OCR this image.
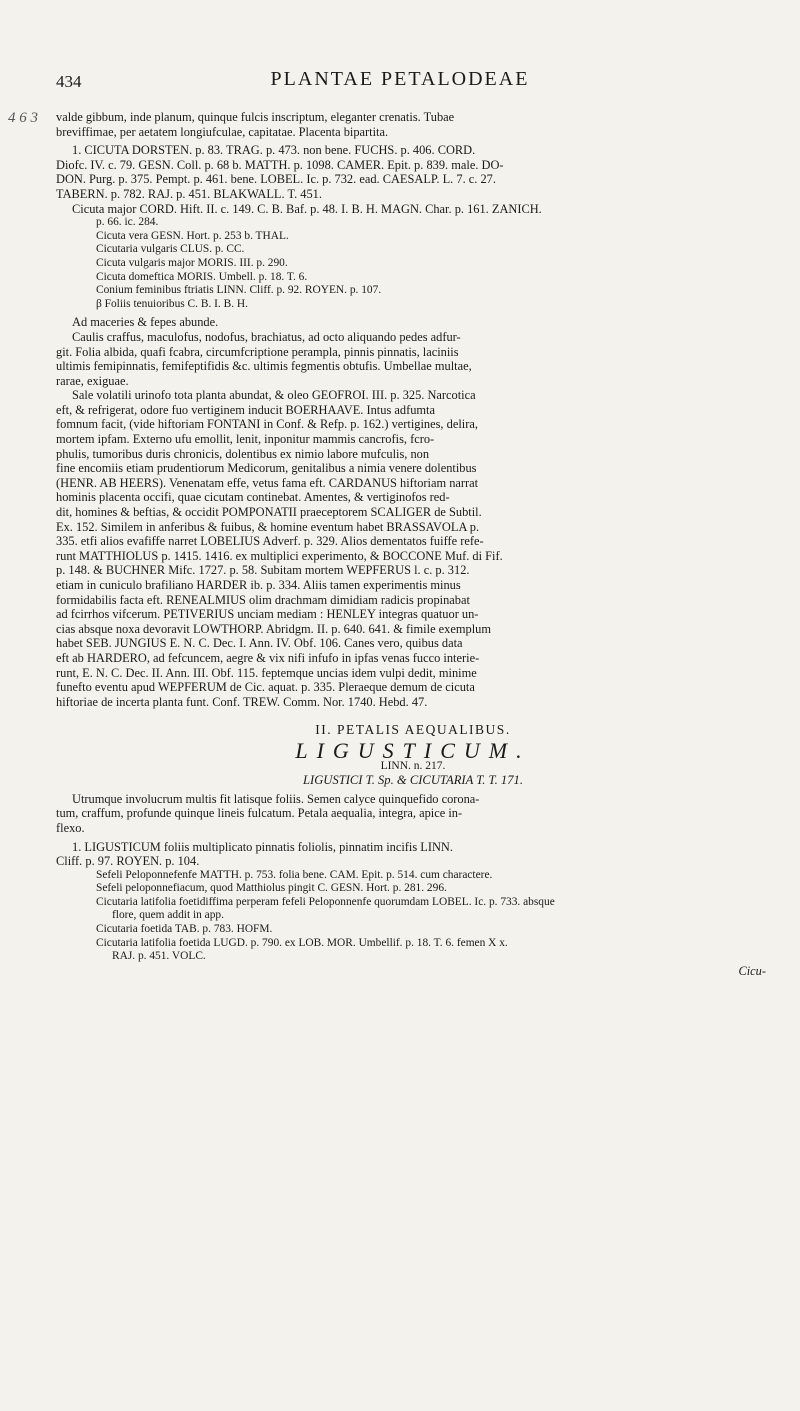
434	PLANTAE PETALODEAE
4 6 3 valde gibbum, inde planum, quinque fulcis inscriptum, eleganter crenatis. Tubae

breviffimae, per aetatem longiufculae, capitatae. Placenta bipartita.

1. CICUTA DORSTEN. p. 83. TRAG. p. 473. non bene. FUCHS. p. 406. CORD.

Diofc. IV. c. 79. GESN. Coll. p. 68 b. MATTH. p. 1098. CAMER. Epit. p. 839. male. DO-

DON. Purg. p. 375. Pempt. p. 461. bene. LOBEL. Ic. p. 732. ead. CAESALP. L. 7. c. 27.

TABERN. p. 782. RAJ. p. 451. BLAKWALL. T. 451.

Cicuta major CORD. Hift. II. c. 149. C. B. Baf. p. 48. I. B. H. MAGN. Char. p. 161. ZANICH.

p. 66. ic. 284.

Cicuta vera GESN. Hort. p. 253 b. THAL.

Cicutaria vulgaris CLUS. p. CC.

Cicuta vulgaris major MORIS. III. p. 290.

Cicuta domeftica MORIS. Umbell. p. 18. T. 6.

Conium feminibus ftriatis LINN. Cliff. p. 92. ROYEN. p. 107.

β Foliis tenuioribus C. B. I. B. H.

Ad maceries & fepes abunde.

Caulis craffus, maculofus, nodofus, brachiatus, ad octo aliquando pedes adfur-

git. Folia albida, quafi fcabra, circumfcriptione perampla, pinnis pinnatis, laciniis

ultimis femipinnatis, femifeptifidis &c. ultimis fegmentis obtufis. Umbellae multae,

rarae, exiguae.

Sale volatili urinofo tota planta abundat, & oleo GEOFROI. III. p. 325. Narcotica

eft, & refrigerat, odore fuo vertiginem inducit BOERHAAVE. Intus adfumta

fomnum facit, (vide hiftoriam FONTANI in Conf. & Refp. p. 162.) vertigines, delira,

mortem ipfam. Externo ufu emollit, lenit, inponitur mammis cancrofis, fcro-

phulis, tumoribus duris chronicis, dolentibus ex nimio labore mufculis, non

fine encomiis etiam prudentiorum Medicorum, genitalibus a nimia venere dolentibus

(HENR. AB HEERS). Venenatam effe, vetus fama eft. CARDANUS hiftoriam narrat

hominis placenta occifi, quae cicutam continebat. Amentes, & vertiginofos red-

dit, homines & beftias, & occidit POMPONATII praeceptorem SCALIGER de Subtil.

Ex. 152. Similem in anferibus & fuibus, & homine eventum habet BRASSAVOLA p.

335. etfi alios evafiffe narret LOBELIUS Adverf. p. 329. Alios dementatos fuiffe refe-

runt MATTHIOLUS p. 1415. 1416. ex multiplici experimento, & BOCCONE Muf. di Fif.

p. 148. & BUCHNER Mifc. 1727. p. 58. Subitam mortem WEPFERUS l. c. p. 312.

etiam in cuniculo brafiliano HARDER ib. p. 334. Aliis tamen experimentis minus

formidabilis facta eft. RENEALMIUS olim drachmam dimidiam radicis propinabat

ad fcirrhos vifcerum. PETIVERIUS unciam mediam : HENLEY integras quatuor un-

cias absque noxa devoravit LOWTHORP. Abridgm. II. p. 640. 641. & fimile exemplum

habet SEB. JUNGIUS E. N. C. Dec. I. Ann. IV. Obf. 106. Canes vero, quibus data

eft ab HARDERO, ad fefcuncem, aegre & vix nifi infufo in ipfas venas fucco interie-

runt, E. N. C. Dec. II. Ann. III. Obf. 115. feptemque uncias idem vulpi dedit, minime

funefto eventu apud WEPFERUM de Cic. aquat. p. 335. Pleraeque demum de cicuta

hiftoriae de incerta planta funt. Conf. TREW. Comm. Nor. 1740. Hebd. 47.

II. PETALIS AEQUALIBUS.

LIGUSTICUM.

LINN. n. 217.

LIGUSTICI T. Sp. & CICUTARIA T. T. 171.

Utrumque involucrum multis fit latisque foliis. Semen calyce quinquefido corona-

tum, craffum, profunde quinque lineis fulcatum. Petala aequalia, integra, apice in-

flexo.

1. LIGUSTICUM foliis multiplicato pinnatis foliolis, pinnatim incifis LINN.

Cliff. p. 97. ROYEN. p. 104.

Sefeli Peloponnefenfe MATTH. p. 753. folia bene. CAM. Epit. p. 514. cum charactere.

Sefeli peloponnefiacum, quod Matthiolus pingit C. GESN. Hort. p. 281. 296.

Cicutaria latifolia foetidiffima perperam fefeli Peloponnenfe quorumdam LOBEL. Ic. p. 733. absque

flore, quem addit in app.

Cicutaria foetida TAB. p. 783. HOFM.

Cicutaria latifolia foetida LUGD. p. 790. ex LOB. MOR. Umbellif. p. 18. T. 6. femen X x.

RAJ. p. 451. VOLC.

Cicu-
